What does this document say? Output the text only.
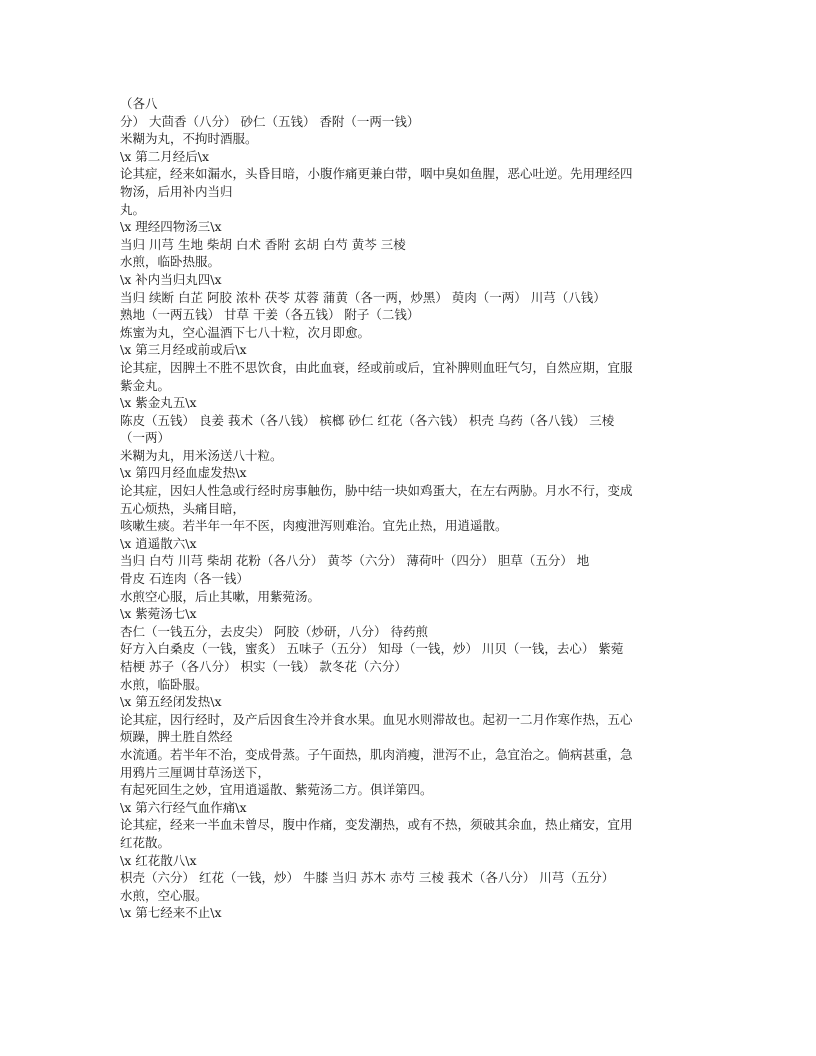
（各八
分） 大茴香（八分） 砂仁（五钱） 香附（一两一钱）
米糊为丸，不拘时酒服。
\x 第二月经后\x
论其症，经来如漏水，头昏目暗，小腹作痛更兼白带，咽中臭如鱼腥，恶心吐逆。先用理经四
物汤，后用补内当归
丸。
\x 理经四物汤三\x
当归 川芎 生地 柴胡 白术 香附 玄胡 白芍 黄芩 三棱
水煎，临卧热服。
\x 补内当归丸四\x
当归 续断 白芷 阿胶 浓朴 茯苓 苁蓉 蒲黄（各一两，炒黑） 萸肉（一两） 川芎（八钱）
熟地（一两五钱） 甘草 干姜（各五钱） 附子（二钱）
炼蜜为丸，空心温酒下七八十粒，次月即愈。
\x 第三月经或前或后\x
论其症，因脾土不胜不思饮食，由此血衰，经或前或后，宜补脾则血旺气匀，自然应期，宜服
紫金丸。
\x 紫金丸五\x
陈皮（五钱） 良姜 莪术（各八钱） 槟榔 砂仁 红花（各六钱） 枳壳 乌药（各八钱） 三棱
（一两）
米糊为丸，用米汤送八十粒。
\x 第四月经血虚发热\x
论其症，因妇人性急或行经时房事触伤，胁中结一块如鸡蛋大，在左右两胁。月水不行，变成
五心烦热，头痛目暗，
咳嗽生痰。若半年一年不医，肉瘦泄泻则难治。宜先止热，用逍遥散。
\x 逍遥散六\x
当归 白芍 川芎 柴胡 花粉（各八分） 黄芩（六分） 薄荷叶（四分） 胆草（五分） 地
骨皮 石连肉（各一钱）
水煎空心服，后止其嗽，用紫菀汤。
\x 紫菀汤七\x
杏仁（一钱五分，去皮尖） 阿胶（炒研，八分） 待药煎
好方入白桑皮（一钱，蜜炙） 五味子（五分） 知母（一钱，炒） 川贝（一钱，去心） 紫菀
桔梗 苏子（各八分） 枳实（一钱） 款冬花（六分）
水煎，临卧服。
\x 第五经闭发热\x
论其症，因行经时，及产后因食生冷并食水果。血见水则滞故也。起初一二月作寒作热，五心
烦躁，脾土胜自然经
水流通。若半年不治，变成骨蒸。子午面热，肌肉消瘦，泄泻不止，急宜治之。倘病甚重，急
用鸦片三厘调甘草汤送下，
有起死回生之妙，宜用逍遥散、紫菀汤二方。俱详第四。
\x 第六行经气血作痛\x
论其症，经来一半血未曾尽，腹中作痛，变发潮热，或有不热，须破其余血，热止痛安，宜用
红花散。
\x 红花散八\x
枳壳（六分） 红花（一钱，炒） 牛膝 当归 苏木 赤芍 三棱 莪术（各八分） 川芎（五分）
水煎，空心服。
\x 第七经来不止\x
